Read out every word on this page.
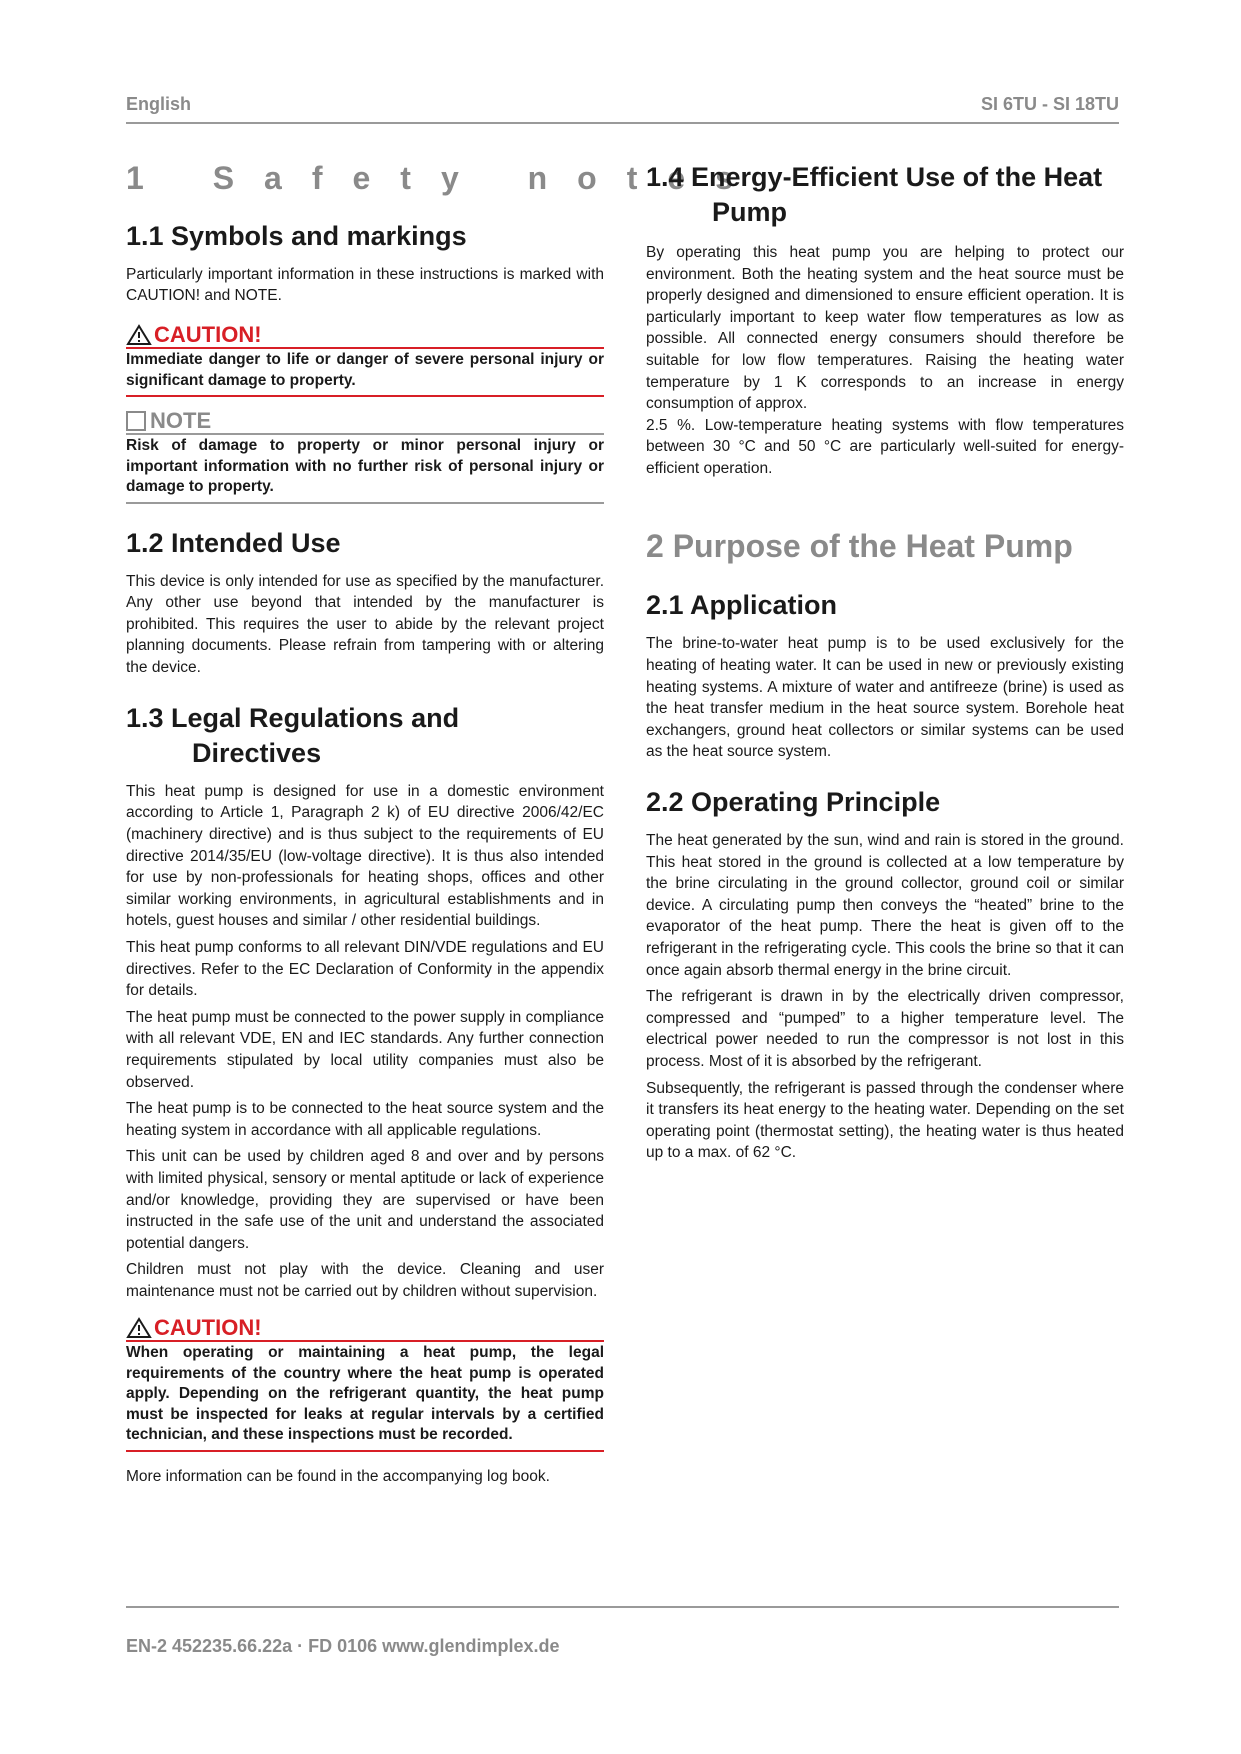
English	SI 6TU - SI 18TU
1 Safety notes
1.1 Symbols and markings

Particularly important information in these instructions is marked with CAUTION! and NOTE.

CAUTION!
Immediate danger to life or danger of severe personal injury or significant damage to property.
NOTE
Risk of damage to property or minor personal injury or important information with no further risk of personal injury or damage to property.
1.2 Intended Use

This device is only intended for use as specified by the manufacturer. Any other use beyond that intended by the manufacturer is prohibited. This requires the user to abide by the relevant project planning documents. Please refrain from tampering with or altering the device.

1.3 Legal Regulations and
Directives

This heat pump is designed for use in a domestic environment according to Article 1, Paragraph 2 k) of EU directive 2006/42/EC (machinery directive) and is thus subject to the requirements of EU directive 2014/35/EU (low-voltage directive). It is thus also intended for use by non-professionals for heating shops, offices and other similar working environments, in agricultural establishments and in hotels, guest houses and similar / other residential buildings.

This heat pump conforms to all relevant DIN/VDE regulations and EU directives. Refer to the EC Declaration of Conformity in the appendix for details.

The heat pump must be connected to the power supply in compliance with all relevant VDE, EN and IEC standards. Any further connection requirements stipulated by local utility companies must also be observed.

The heat pump is to be connected to the heat source system and the heating system in accordance with all applicable regulations.

This unit can be used by children aged 8 and over and by persons with limited physical, sensory or mental aptitude or lack of experience and/or knowledge, providing they are supervised or have been instructed in the safe use of the unit and understand the associated potential dangers.

Children must not play with the device. Cleaning and user maintenance must not be carried out by children without supervision.

CAUTION!
When operating or maintaining a heat pump, the legal requirements of the country where the heat pump is operated apply. Depending on the refrigerant quantity, the heat pump must be inspected for leaks at regular intervals by a certified technician, and these inspections must be recorded.

More information can be found in the accompanying log book.

1.4 Energy-Efficient Use of the Heat
Pump

By operating this heat pump you are helping to protect our environment. Both the heating system and the heat source must be properly designed and dimensioned to ensure efficient operation. It is particularly important to keep water flow temperatures as low as possible. All connected energy consumers should therefore be suitable for low flow temperatures. Raising the heating water temperature by 1 K corresponds to an increase in energy consumption of approx.

2.5 %. Low-temperature heating systems with flow temperatures between 30 °C and 50 °C are particularly well-suited for energy-efficient operation.

2 Purpose of the Heat Pump
2.1 Application

The brine-to-water heat pump is to be used exclusively for the heating of heating water. It can be used in new or previously existing heating systems. A mixture of water and antifreeze (brine) is used as the heat transfer medium in the heat source system. Borehole heat exchangers, ground heat collectors or similar systems can be used as the heat source system.

2.2 Operating Principle

The heat generated by the sun, wind and rain is stored in the ground. This heat stored in the ground is collected at a low temperature by the brine circulating in the ground collector, ground coil or similar device. A circulating pump then conveys the “heated” brine to the evaporator of the heat pump. There the heat is given off to the refrigerant in the refrigerating cycle. This cools the brine so that it can once again absorb thermal energy in the brine circuit.

The refrigerant is drawn in by the electrically driven compressor, compressed and “pumped” to a higher temperature level. The electrical power needed to run the compressor is not lost in this process. Most of it is absorbed by the refrigerant.

Subsequently, the refrigerant is passed through the condenser where it transfers its heat energy to the heating water. Depending on the set operating point (thermostat setting), the heating water is thus heated up to a max. of 62 °C.

EN-2 452235.66.22a · FD 0106 www.glendimplex.de
